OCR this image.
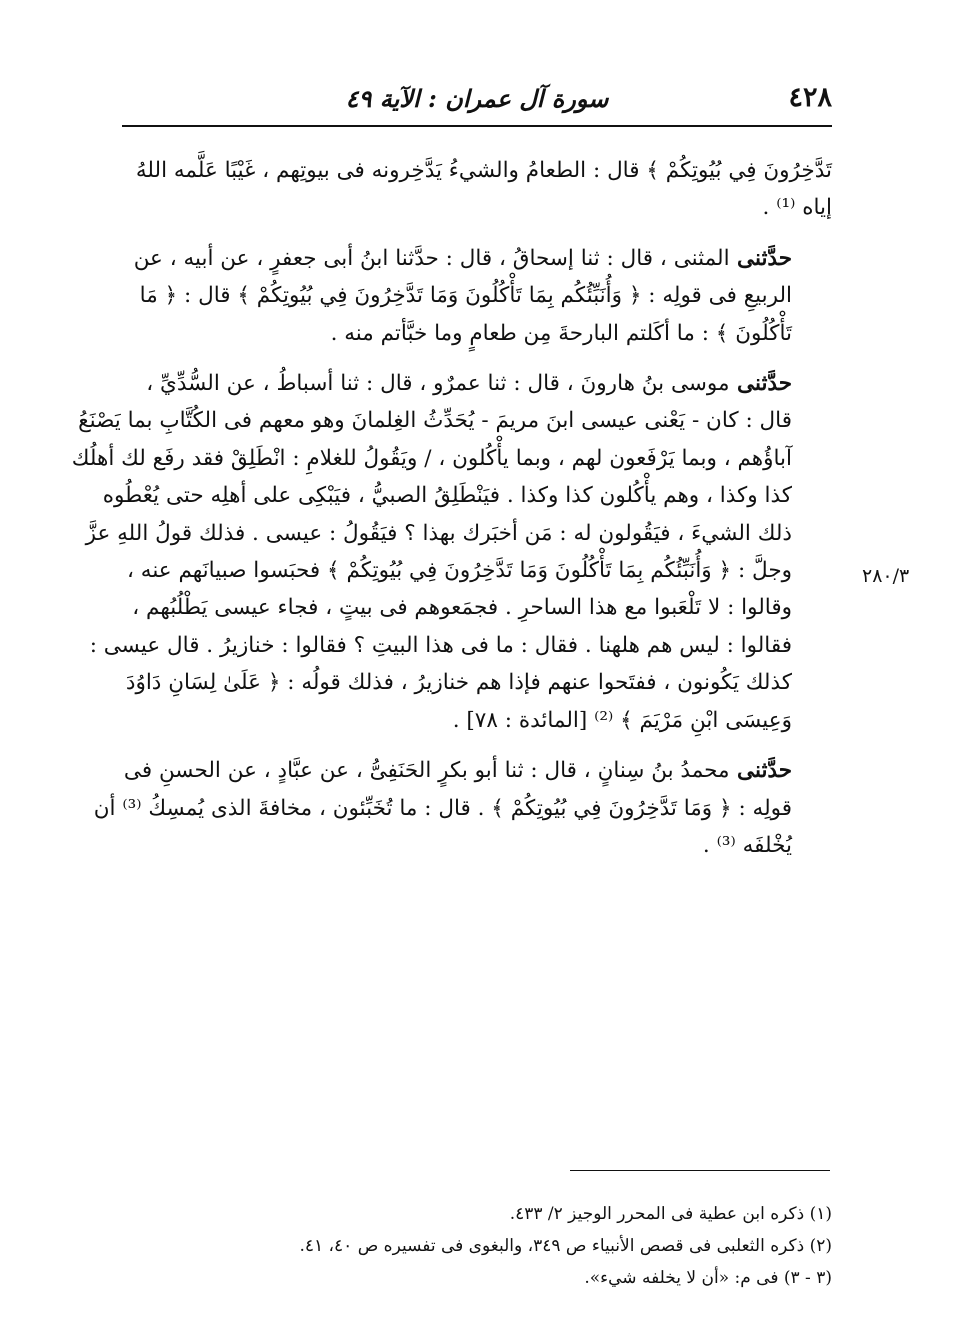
٤٢٨
سورة آل عمران : الآية ٤٩
٢٨٠/٣
تَدَّخِرُونَ فِي بُيُوتِكُمْ ﴾ قال : الطعامُ والشيءُ يَدَّخِرونه فى بيوتِهم ، غَيْبًا عَلَّمه اللهُ
إياه ⁽¹⁾ .
حدَّثنى المثنى ، قال : ثنا إسحاقُ ، قال : حدَّثنا ابنُ أبى جعفرٍ ، عن أبيه ، عن
الربيعِ فى قولِه : ﴿ وَأُنَبِّئُكُم بِمَا تَأْكُلُونَ وَمَا تَدَّخِرُونَ فِي بُيُوتِكُمْ ﴾ قال : ﴿ مَا
تَأْكُلُونَ ﴾ : ما أكَلتم البارحةَ مِن طعامٍ وما خبَّأتم منه .
حدَّثنى موسى بنُ هارونَ ، قال : ثنا عمرٌو ، قال : ثنا أسباطُ ، عن السُّدِّيِّ ،
قال : كان - يَعْنى عيسى ابنَ مريمَ - يُحَدِّثُ الغِلمانَ وهو معهم فى الكُتَّابِ بما يَصْنَعُ
آباؤُهم ، وبما يَرْفَعون لهم ، وبما يأْكُلون ، / ويَقُولُ للغلامِ : انْطَلِقْ فقد رفَع لك أهلُك
كذا وكذا ، وهم يأْكُلون كذا وكذا . فيَنْطَلِقُ الصبيُّ ، فيَبْكِى على أهلِه حتى يُعْطُوه
ذلك الشيءَ ، فيَقُولون له : مَن أخبَرك بهذا ؟ فيَقُولُ : عيسى . فذلك قولُ اللهِ عزَّ
وجلَّ : ﴿ وَأُنَبِّئُكُم بِمَا تَأْكُلُونَ وَمَا تَدَّخِرُونَ فِي بُيُوتِكُمْ ﴾ فحبَسوا صبيانَهم عنه ،
وقالوا : لا تَلْعَبوا مع هذا الساحرِ . فجمَعوهم فى بيتٍ ، فجاء عيسى يَطْلُبُهم ،
فقالوا : ليس هم هلهنا . فقال : ما فى هذا البيتِ ؟ فقالوا : خنازيرُ . قال عيسى :
كذلك يَكُونون ، ففتَحوا عنهم فإذا هم خنازيرُ ، فذلك قولُه : ﴿ عَلَىٰ لِسَانِ دَاوُدَ
وَعِيسَى ابْنِ مَرْيَمَ ﴾ ⁽²⁾ [المائدة : ٧٨] .
حدَّثنى محمدُ بنُ سِنانٍ ، قال : ثنا أبو بكرٍ الحَنَفِىُّ ، عن عبَّادٍ ، عن الحسنِ فى
قولِه : ﴿ وَمَا تَدَّخِرُونَ فِي بُيُوتِكُمْ ﴾ . قال : ما تُخَبِّئون ، مخافةَ الذى يُمسِكُ ⁽³⁾ أن
يُخْلفَه ⁽³⁾ .
(١) ذكره ابن عطية فى المحرر الوجيز ٢/ ٤٣٣.
(٢) ذكره الثعلبى فى قصص الأنبياء ص ٣٤٩، والبغوى فى تفسيره ص ٤٠، ٤١.
(٣ - ٣) فى م: «أن لا يخلفه شيء».
